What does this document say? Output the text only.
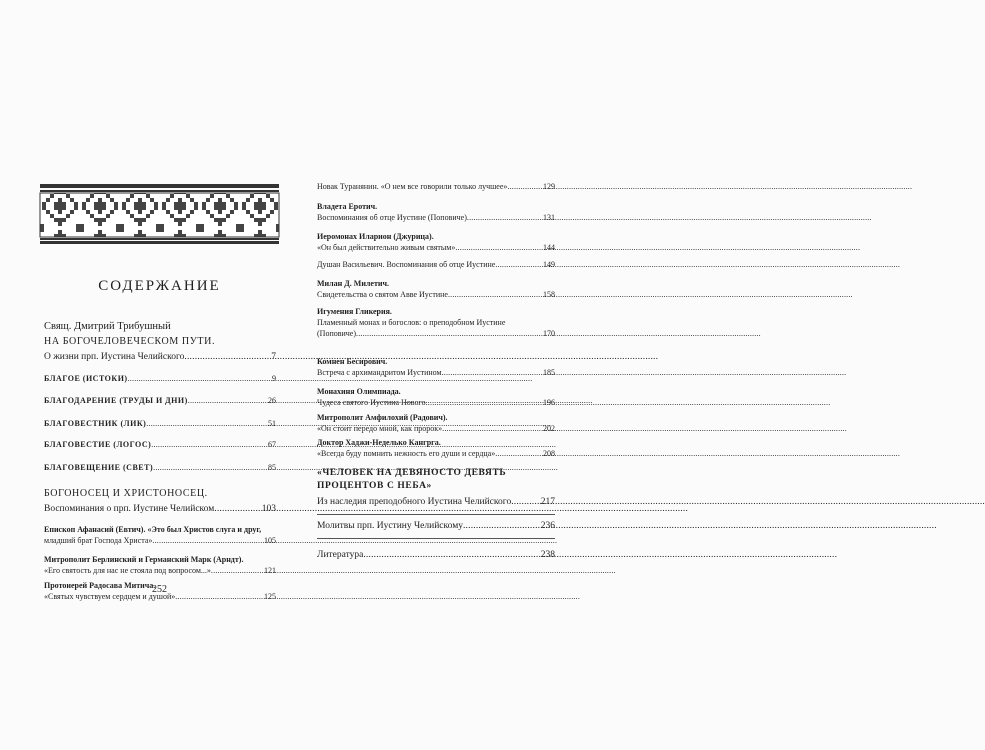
СОДЕРЖАНИЕ
Свящ. Дмитрий Трибушный
НА БОГОЧЕЛОВЕЧЕСКОМ ПУТИ.
О жизни прп. Иустина Челийского .....	7
БЛАГОЕ (ИСТОКИ) .....	9
БЛАГОДАРЕНИЕ (ТРУДЫ И ДНИ) .....	26
БЛАГОВЕСТНИК (ЛИК) .....	51
БЛАГОВЕСТИЕ (ЛОГОС) .....	67
БЛАГОВЕЩЕНИЕ (СВЕТ) .....	85
БОГОНОСЕЦ И ХРИСТОНОСЕЦ.
Воспоминания о прп. Иустине Челийском .....	103
Епископ Афанасий (Евтич). «Это был Христов слуга и друг,
младший брат Господа Христа» .....	105
Митрополит Берлинский и Германский Марк (Арндт).
«Его святость для нас не стояла под вопросом...» .....	121
Протоиерей Радосава Митича.
«Святых чувствуем сердцем и душой» .....	125
252
Новак Туранянин. «О нем все говорили только лучшее» .....	129
Владета Еротич.
Воспоминания об отце Иустине (Поповиче) .....	131
Иеромонах Иларион (Джурица).
«Он был действительно живым святым» .....	144
Душан Васильевич. Воспоминания об отце Иустине .....	149
Милан Д. Милетич.
Свидетельства о святом Авве Иустине .....	158
Игумения Гликерия.
Пламенный монах и богослов: о преподобном Иустине
(Поповиче) .....	170
Комнен Бесирович.
Встреча с архимандритом Иустином .....	185
Монахиня Олимпиада.
Чудеса святого Иустина Нового .....	196
Митрополит Амфилохий (Радович).
«Он стоит передо мной, как пророк» .....	202
Доктор Хаджи-Неделько Кангрга.
«Всегда буду помнить нежность его души и сердца» .....	208
«ЧЕЛОВЕК НА ДЕВЯНОСТО ДЕВЯТЬ
ПРОЦЕНТОВ С НЕБА»
Из наследия преподобного Иустина Челийского .....	217
Молитвы прп. Иустину Челийскому .....	236
Литература .....	238
